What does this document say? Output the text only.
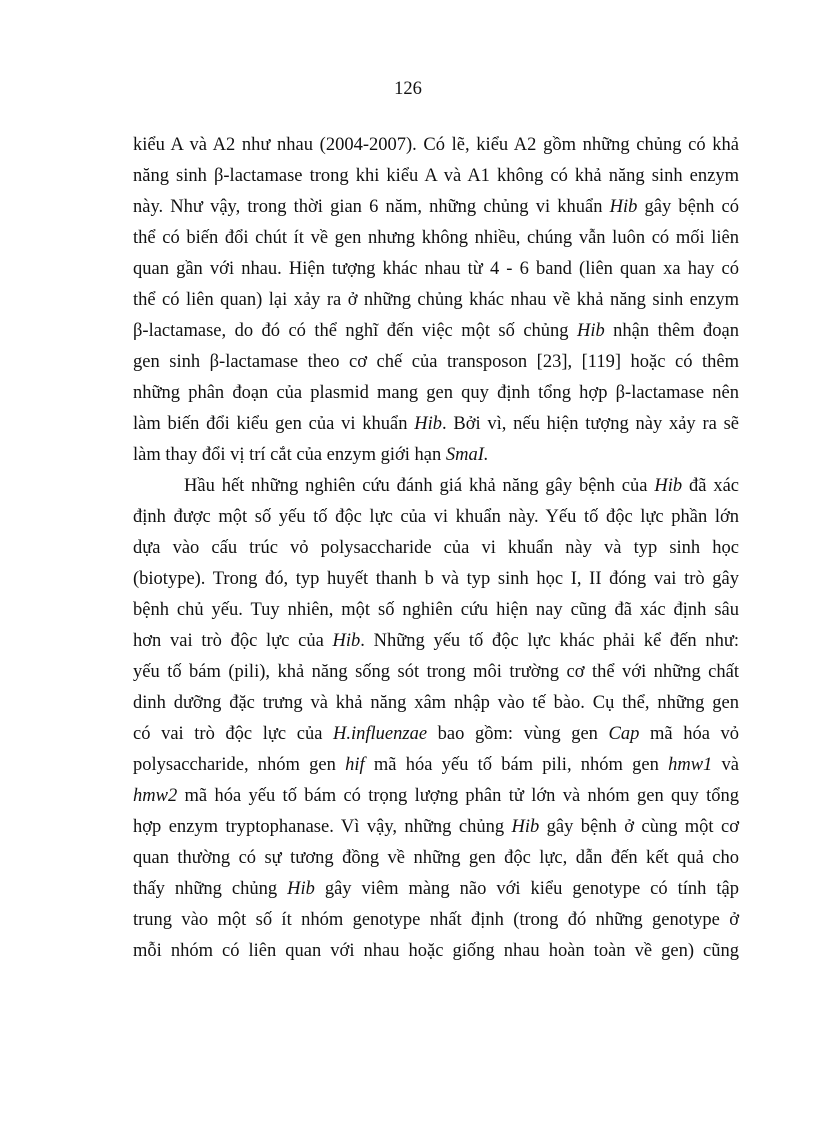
126

kiểu A và A2 như nhau (2004-2007). Có lẽ, kiểu A2 gồm những chủng có khả
năng sinh β-lactamase trong khi kiểu A và A1 không có khả năng sinh enzym
này. Như vậy, trong thời gian 6 năm, những chủng vi khuẩn Hib gây bệnh có
thể có biến đổi chút ít về gen nhưng không nhiều, chúng vẫn luôn có mối liên
quan gần với nhau. Hiện tượng khác nhau từ 4 - 6 band (liên quan xa hay có
thể có liên quan) lại xảy ra ở những chủng khác nhau về khả năng sinh enzym
β-lactamase, do đó có thể nghĩ đến việc một số chủng Hib nhận thêm đoạn
gen sinh β-lactamase theo cơ chế của transposon [23], [119] hoặc có thêm
những phân đoạn của plasmid mang gen quy định tổng hợp β-lactamase nên
làm biến đổi kiểu gen của vi khuẩn Hib. Bởi vì, nếu hiện tượng này xảy ra sẽ
làm thay đổi vị trí cắt của enzym giới hạn SmaI.

Hầu hết những nghiên cứu đánh giá khả năng gây bệnh của Hib đã xác
định được một số yếu tố độc lực của vi khuẩn này. Yếu tố độc lực phần lớn
dựa vào cấu trúc vỏ polysaccharide của vi khuẩn này và typ sinh học
(biotype). Trong đó, typ huyết thanh b và typ sinh học I, II đóng vai trò gây
bệnh chủ yếu. Tuy nhiên, một số nghiên cứu hiện nay cũng đã xác định sâu
hơn vai trò độc lực của Hib. Những yếu tố độc lực khác phải kể đến như:
yếu tố bám (pili), khả năng sống sót trong môi trường cơ thể với những chất
dinh dưỡng đặc trưng và khả năng xâm nhập vào tế bào. Cụ thể, những gen
có vai trò độc lực của H.influenzae bao gồm: vùng gen Cap mã hóa vỏ
polysaccharide, nhóm gen hif mã hóa yếu tố bám pili, nhóm gen hmw1 và
hmw2 mã hóa yếu tố bám có trọng lượng phân tử lớn và nhóm gen quy tổng
hợp enzym tryptophanase. Vì vậy, những chủng Hib gây bệnh ở cùng một cơ
quan thường có sự tương đồng về những gen độc lực, dẫn đến kết quả cho
thấy những chủng Hib gây viêm màng não với kiểu genotype có tính tập
trung vào một số ít nhóm genotype nhất định (trong đó những genotype ở
mỗi nhóm có liên quan với nhau hoặc giống nhau hoàn toàn về gen) cũng
